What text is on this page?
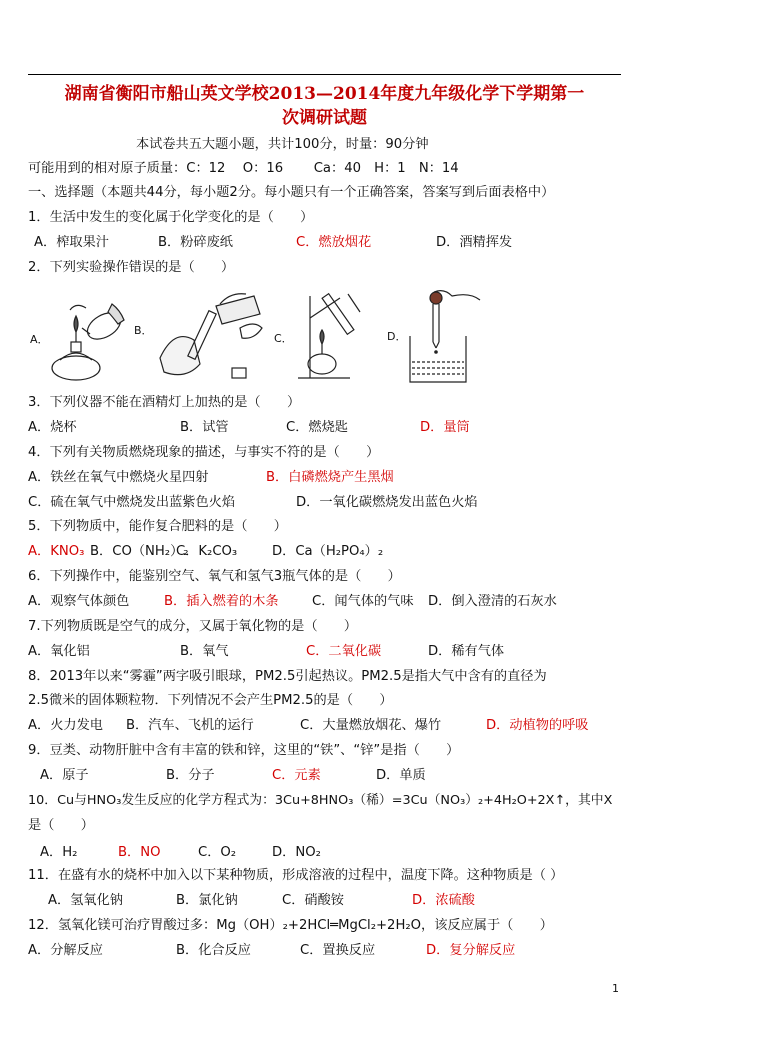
湖南省衡阳市船山英文学校2013—2014年度九年级化学下学期第一
次调研试题
本试卷共五大题小题，共计100分，时量：90分钟
可能用到的相对原子质量：C：12　 O：16　　 Ca：40　H：1　N：14
一、选择题（本题共44分，每小题2分。每小题只有一个正确答案，答案写到后面表格中）
1．生活中发生的变化属于化学变化的是（　　）
A．榨取果汁	B．粉碎废纸	C．燃放烟花	D．酒精挥发
2．下列实验操作错误的是（　　）
A．
B．
C．	D．
3．下列仪器不能在酒精灯上加热的是（　　）
A．烧杯	B．试管	C．燃烧匙	D．量筒
4．下列有关物质燃烧现象的描述，与事实不符的是（　　）
A．铁丝在氧气中燃烧火星四射	B．白磷燃烧产生黑烟
C．硫在氧气中燃烧发出蓝紫色火焰	D．一氧化碳燃烧发出蓝色火焰
5．下列物质中，能作复合肥料的是（　　）
A．KNO₃ B．CO（NH₂）₂
C．K₂CO₃	D．Ca（H₂PO₄）₂
6．下列操作中，能鉴别空气、氧气和氢气3瓶气体的是（　　）
A．观察气体颜色	B．插入燃着的木条	C．闻气体的气味 D．倒入澄清的石灰水
7.下列物质既是空气的成分，又属于氧化物的是（　　）
A．氧化铝	B．氧气	C．二氧化碳	D．稀有气体
8．2013年以来“雾霾”两字吸引眼球，PM2.5引起热议。PM2.5是指大气中含有的直径为
2.5微米的固体颗粒物．下列情况不会产生PM2.5的是（　　）
A．火力发电 B．汽车、飞机的运行	C．大量燃放烟花、爆竹	D．动植物的呼吸
9．豆类、动物肝脏中含有丰富的铁和锌，这里的“铁”、“锌”是指（　　）
A．原子	B．分子	C．元素	D．单质
10．Cu与HNO₃发生反应的化学方程式为：3Cu+8HNO₃（稀）=3Cu（NO₃）₂+4H₂O+2X↑，其中X
是（　　）
A．H₂	B．NO	C．O₂	D．NO₂
11．在盛有水的烧杯中加入以下某种物质，形成溶液的过程中，温度下降。这种物质是（ ）
A．氢氧化钠	B．氯化钠	C．硝酸铵	D．浓硫酸
12．氢氧化镁可治疗胃酸过多：Mg（OH）₂+2HCl═MgCl₂+2H₂O，该反应属于（　　）
A．分解反应	B．化合反应	C．置换反应	D．复分解反应
1
